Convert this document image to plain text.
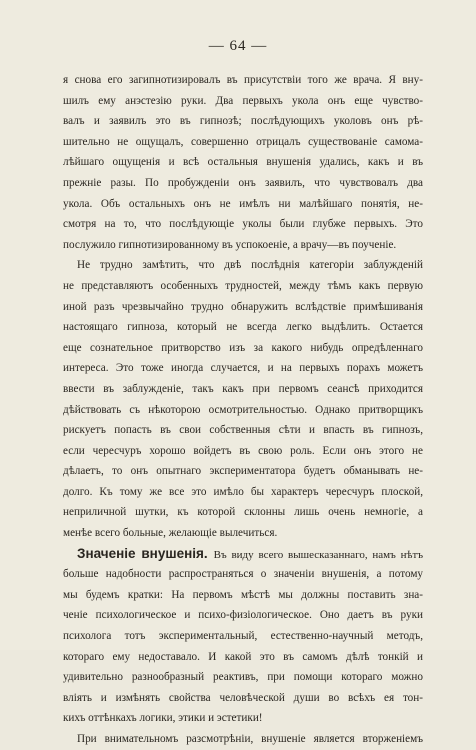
— 64 —
я снова его загипнотизировалъ въ присутствіи того же врача. Я вну-
шилъ ему анэстезію руки. Два первыхъ укола онъ еще чувство-
валъ и заявилъ это въ гипнозѣ; послѣдующихъ уколовъ онъ рѣ-
шительно не ощущалъ, совершенно отрицалъ существованіе самома-
лѣйшаго ощущенія и всѣ остальныя внушенія удались, какъ и въ
прежніе разы. По пробужденіи онъ заявилъ, что чувствовалъ два
укола. Объ остальныхъ онъ не имѣлъ ни малѣйшаго понятія, не-
смотря на то, что послѣдующіе уколы были глубже первыхъ. Это
послужило гипнотизированному въ успокоеніе, а врачу—въ поученіе.
Не трудно замѣтить, что двѣ послѣднія категоріи заблужденій
не представляютъ особенныхъ трудностей, между тѣмъ какъ первую
иной разъ чрезвычайно трудно обнаружить вслѣдствіе примѣшиванія
настоящаго гипноза, который не всегда легко выдѣлить. Остается
еще сознательное притворство изъ за какого нибудь опредѣленнаго
интереса. Это тоже иногда случается, и на первыхъ порахъ можетъ
ввести въ заблужденіе, такъ какъ при первомъ сеансѣ приходится
дѣйствовать съ нѣкоторою осмотрительностью. Однако притворщикъ
рискуетъ попасть въ свои собственныя сѣти и впасть въ гипнозъ,
если чересчуръ хорошо войдетъ въ свою роль. Если онъ этого не
дѣлаетъ, то онъ опытнаго экспериментатора будетъ обманывать не-
долго. Къ тому же все это имѣло бы характеръ чересчуръ плоской,
неприличной шутки, къ которой склонны лишь очень немногіе, а
менѣе всего больные, желающіе вылечиться.
Значеніе внушенія. Въ виду всего вышесказаннаго, намъ нѣтъ
больше надобности распространяться о значеніи внушенія, а потому
мы будемъ кратки: На первомъ мѣстѣ мы должны поставить зна-
ченіе психологическое и психо-физіологическое. Оно даетъ въ руки
психолога тотъ экспериментальный, естественно-научный методъ,
котораго ему недоставало. И какой это въ самомъ дѣлѣ тонкій и
удивительно разнообразный реактивъ, при помощи котораго можно
вліять и измѣнять свойства человѣческой души во всѣхъ ея тон-
кихъ оттѣнкахъ логики, этики и эстетики!
При внимательномъ разсмотрѣніи, внушеніе является вторженіемъ
